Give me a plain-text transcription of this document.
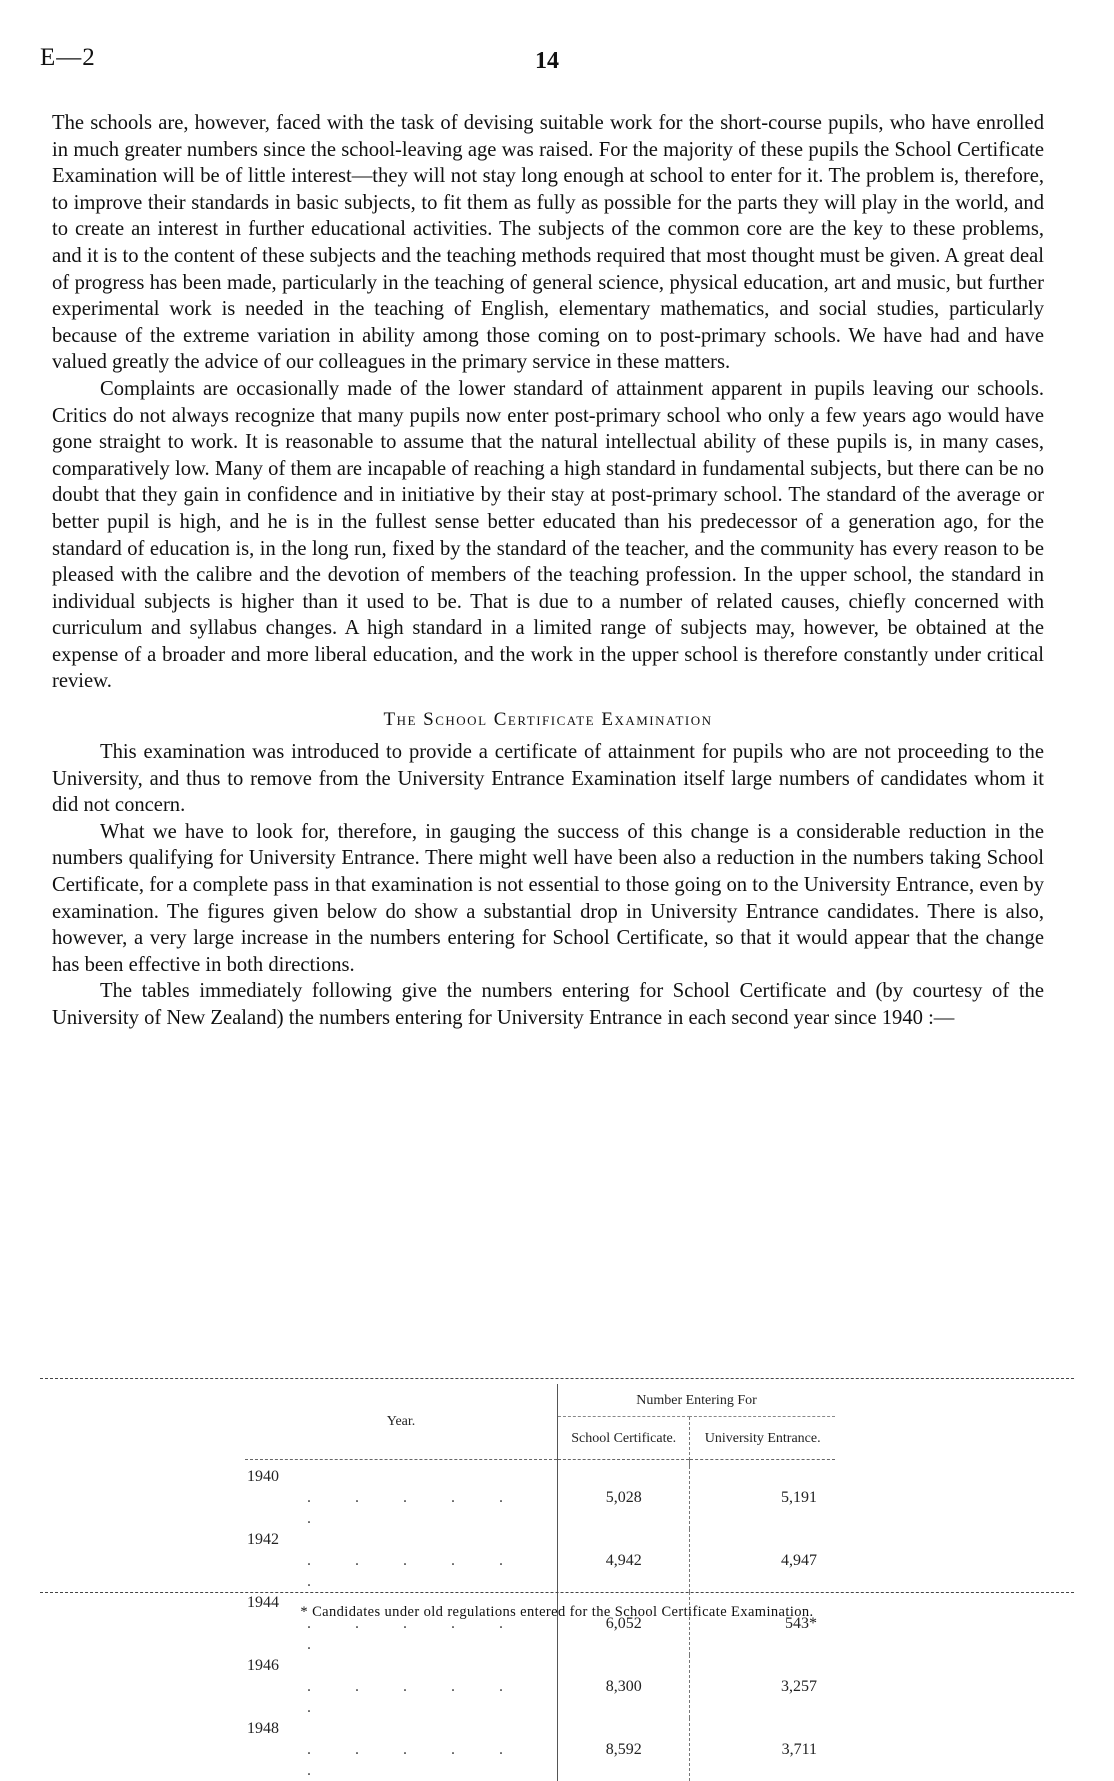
E—2	14

The schools are, however, faced with the task of devising suitable work for the short-course pupils, who have enrolled in much greater numbers since the school-leaving age was raised. For the majority of these pupils the School Certificate Examination will be of little interest—they will not stay long enough at school to enter for it. The problem is, therefore, to improve their standards in basic subjects, to fit them as fully as possible for the parts they will play in the world, and to create an interest in further educational activities. The subjects of the common core are the key to these problems, and it is to the content of these subjects and the teaching methods required that most thought must be given. A great deal of progress has been made, particularly in the teaching of general science, physical education, art and music, but further experimental work is needed in the teaching of English, elementary mathematics, and social studies, particularly because of the extreme variation in ability among those coming on to post-primary schools. We have had and have valued greatly the advice of our colleagues in the primary service in these matters.

Complaints are occasionally made of the lower standard of attainment apparent in pupils leaving our schools. Critics do not always recognize that many pupils now enter post-primary school who only a few years ago would have gone straight to work. It is reasonable to assume that the natural intellectual ability of these pupils is, in many cases, comparatively low. Many of them are incapable of reaching a high standard in fundamental subjects, but there can be no doubt that they gain in confidence and in initiative by their stay at post-primary school. The standard of the average or better pupil is high, and he is in the fullest sense better educated than his predecessor of a generation ago, for the standard of education is, in the long run, fixed by the standard of the teacher, and the community has every reason to be pleased with the calibre and the devotion of members of the teaching profession. In the upper school, the standard in individual subjects is higher than it used to be. That is due to a number of related causes, chiefly concerned with curriculum and syllabus changes. A high standard in a limited range of subjects may, however, be obtained at the expense of a broader and more liberal education, and the work in the upper school is therefore constantly under critical review.

The School Certificate Examination

This examination was introduced to provide a certificate of attainment for pupils who are not proceeding to the University, and thus to remove from the University Entrance Examination itself large numbers of candidates whom it did not concern.

What we have to look for, therefore, in gauging the success of this change is a considerable reduction in the numbers qualifying for University Entrance. There might well have been also a reduction in the numbers taking School Certificate, for a complete pass in that examination is not essential to those going on to the University Entrance, even by examination. The figures given below do show a substantial drop in University Entrance candidates. There is also, however, a very large increase in the numbers entering for School Certificate, so that it would appear that the change has been effective in both directions.

The tables immediately following give the numbers entering for School Certificate and (by courtesy of the University of New Zealand) the numbers entering for University Entrance in each second year since 1940 :—

Year.	Number Entering For	
	School Certificate.	University Entrance.

1940. . . . . .	5,028	5,191
1942. . . . . .	4,942	4,947
1944. . . . . .	6,052	543*
1946. . . . . .	8,300	3,257
1948. . . . . .	8,592	3,711
* Candidates under old regulations entered for the School Certificate Examination.
